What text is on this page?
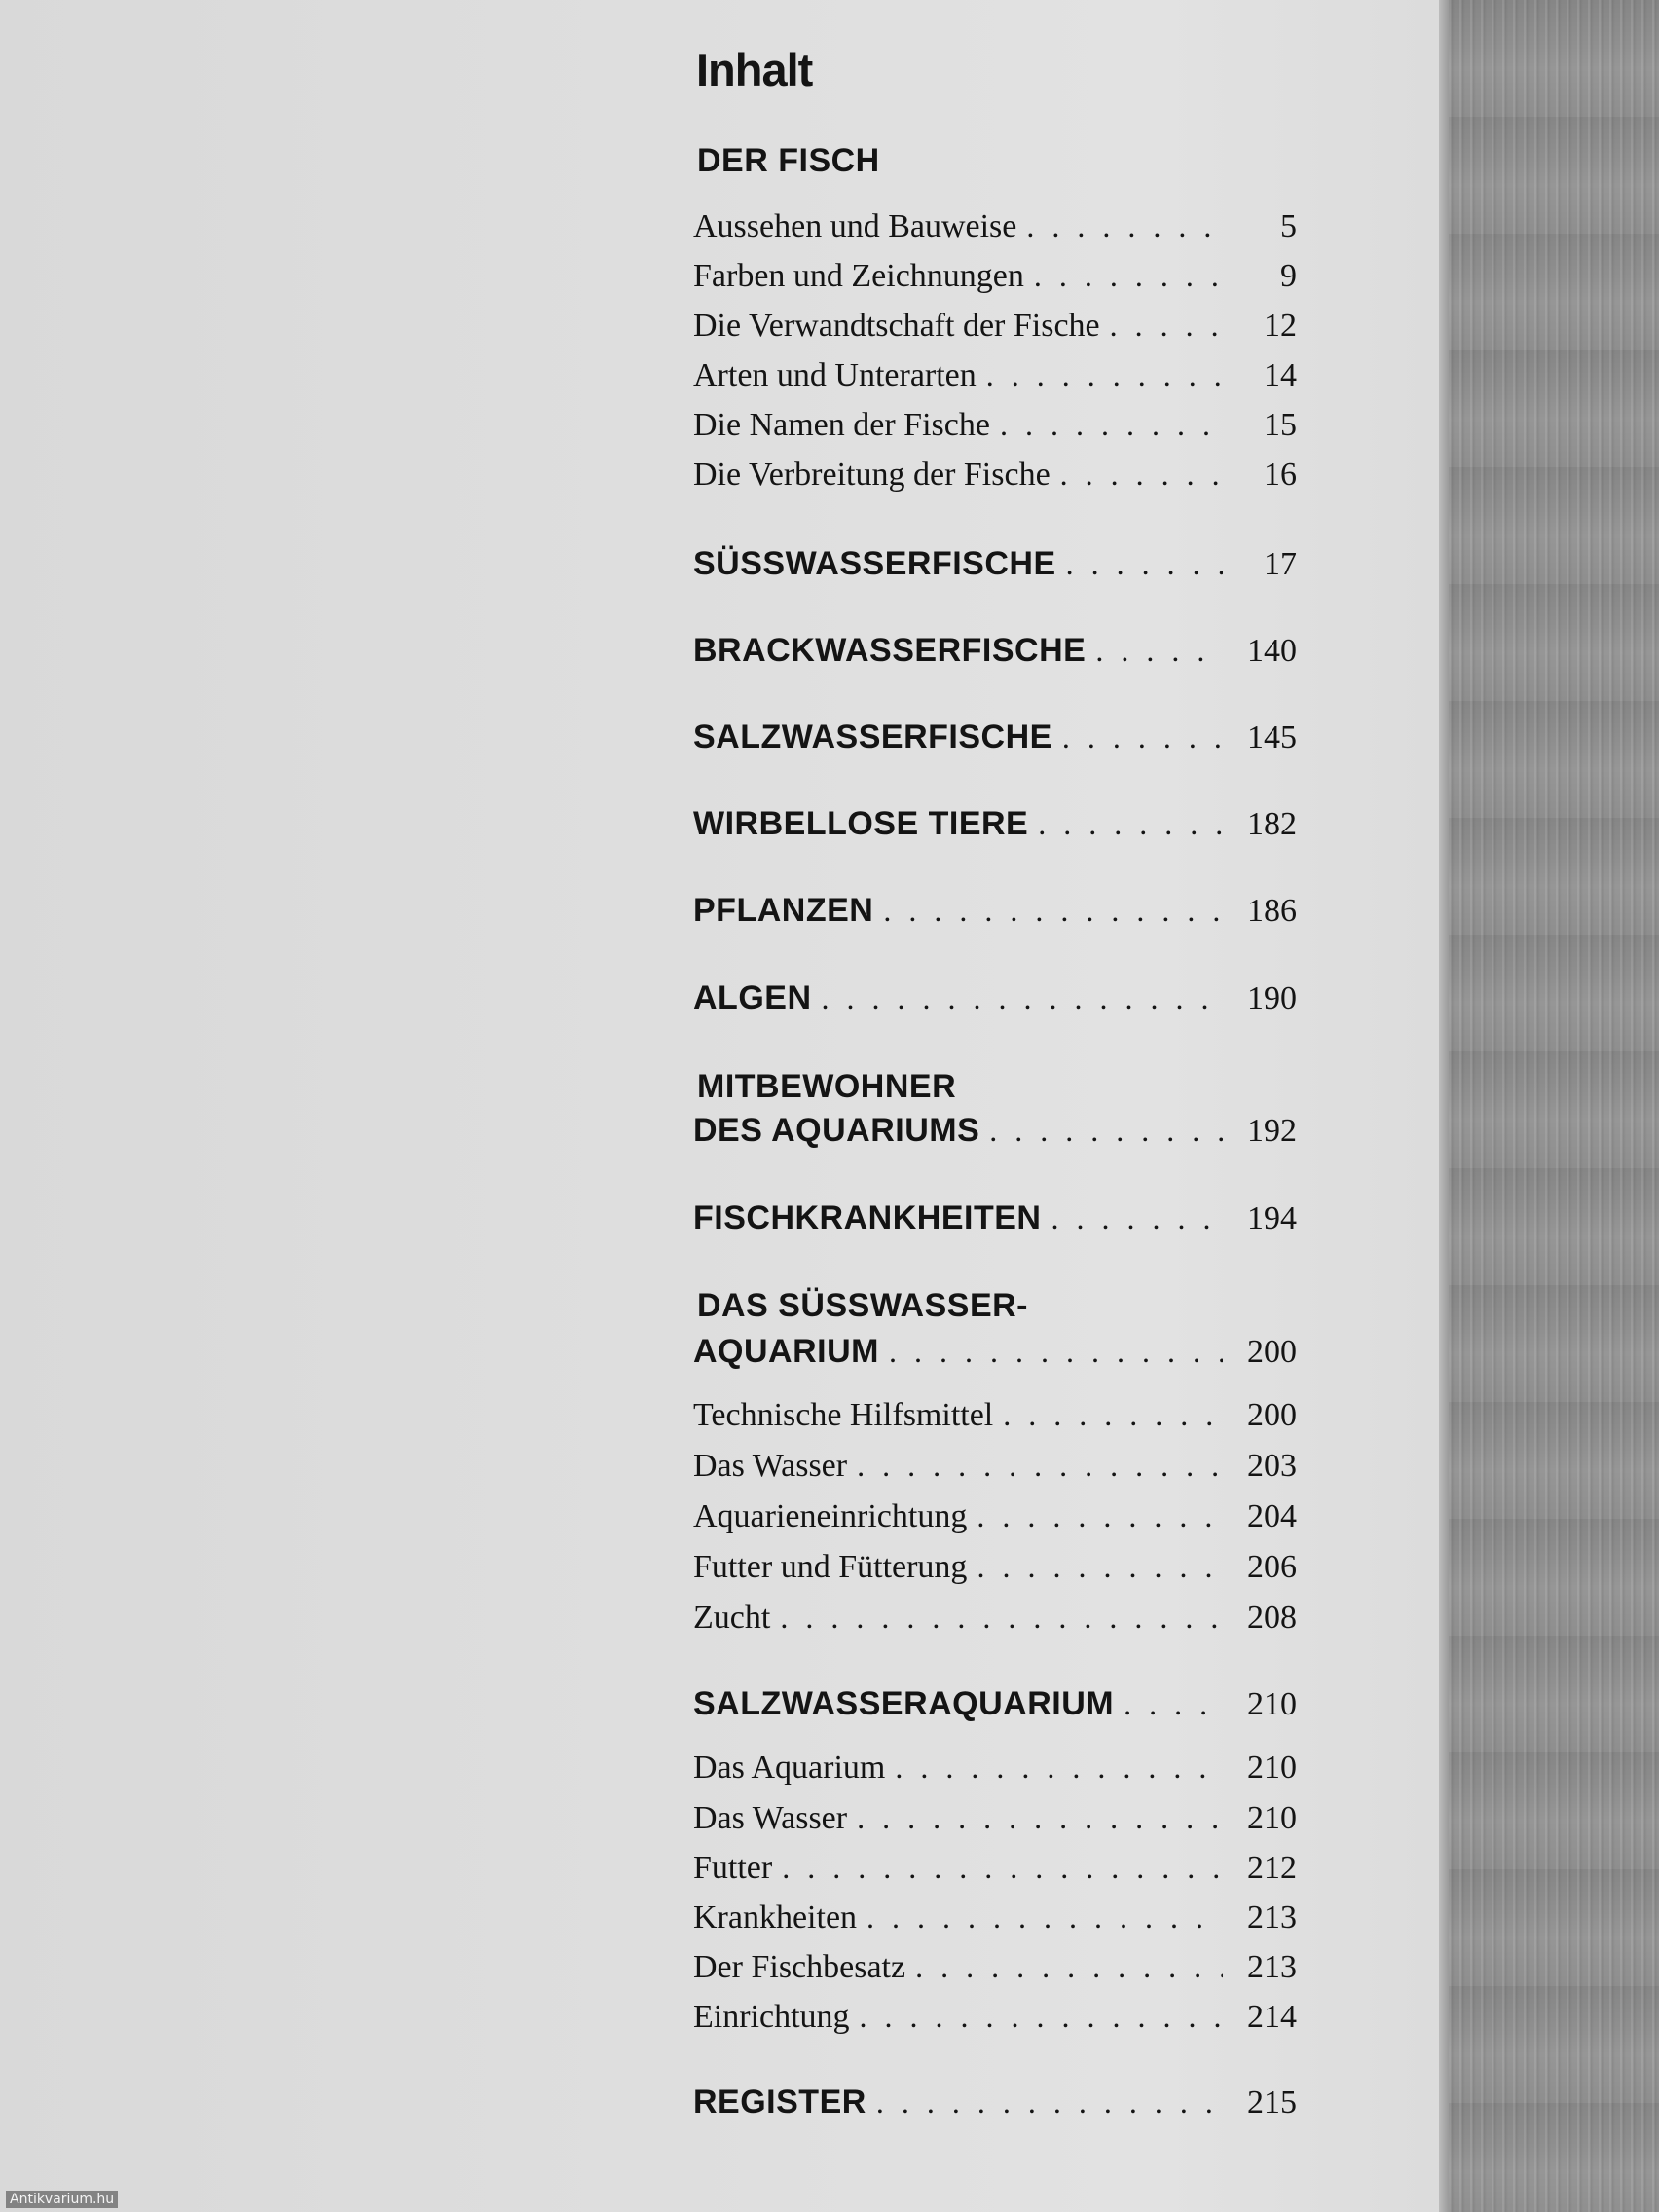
Inhalt
DER FISCH
Aussehen und Bauweise . . .	5
Farben und Zeichnungen . . .	9
Die Verwandtschaft der Fische . . .	12
Arten und Unterarten . . .	14
Die Namen der Fische . . .	15
Die Verbreitung der Fische . . .	16
SÜSSWASSERFISCHE . . .	17
BRACKWASSERFISCHE . . .	140
SALZWASSERFISCHE . . .	145
WIRBELLOSE TIERE . . .	182
PFLANZEN . . .	186
ALGEN . . .	190
MITBEWOHNER
DES AQUARIUMS . . .	192
FISCHKRANKHEITEN . . .	194
DAS SÜSSWASSER-
AQUARIUM . . .	200
Technische Hilfsmittel . . .	200
Das Wasser . . .	203
Aquarieneinrichtung . . .	204
Futter und Fütterung . . .	206
Zucht . . .	208
SALZWASSERAQUARIUM . . .	210
Das Aquarium . . .	210
Das Wasser . . .	210
Futter . . .	212
Krankheiten . . .	213
Der Fischbesatz . . .	213
Einrichtung . . .	214
REGISTER . . .	215
Antikvarium.hu
